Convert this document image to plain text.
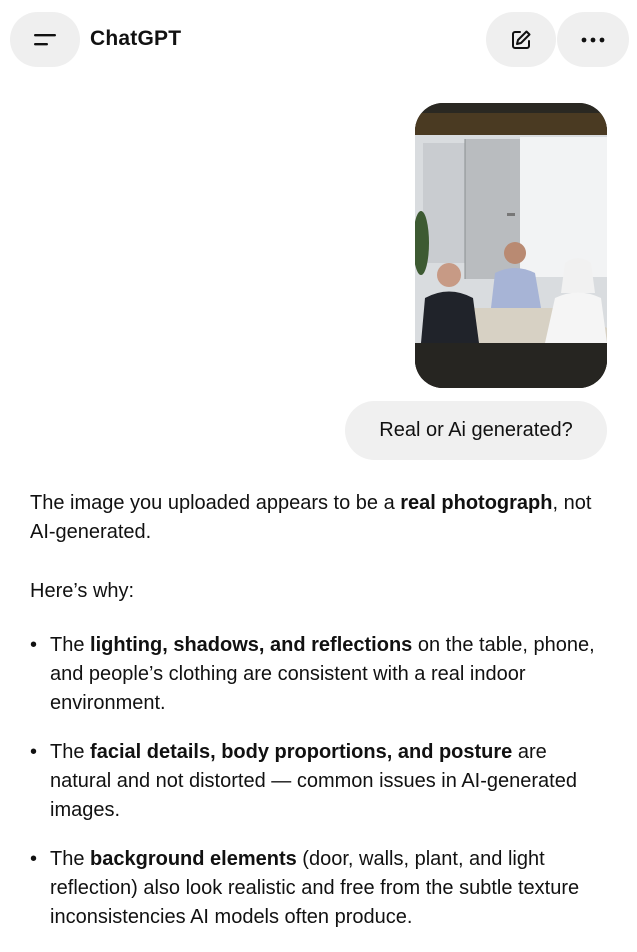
ChatGPT
Real or Ai generated?

The image you uploaded appears to be a real photograph, not AI-generated.

Here’s why:

• The lighting, shadows, and reflections on the table, phone, and people’s clothing are consistent with a real indoor environment.
• The facial details, body proportions, and posture are natural and not distorted — common issues in AI-generated images.
• The background elements (door, walls, plant, and light reflection) also look realistic and free from the subtle texture inconsistencies AI models often produce.
